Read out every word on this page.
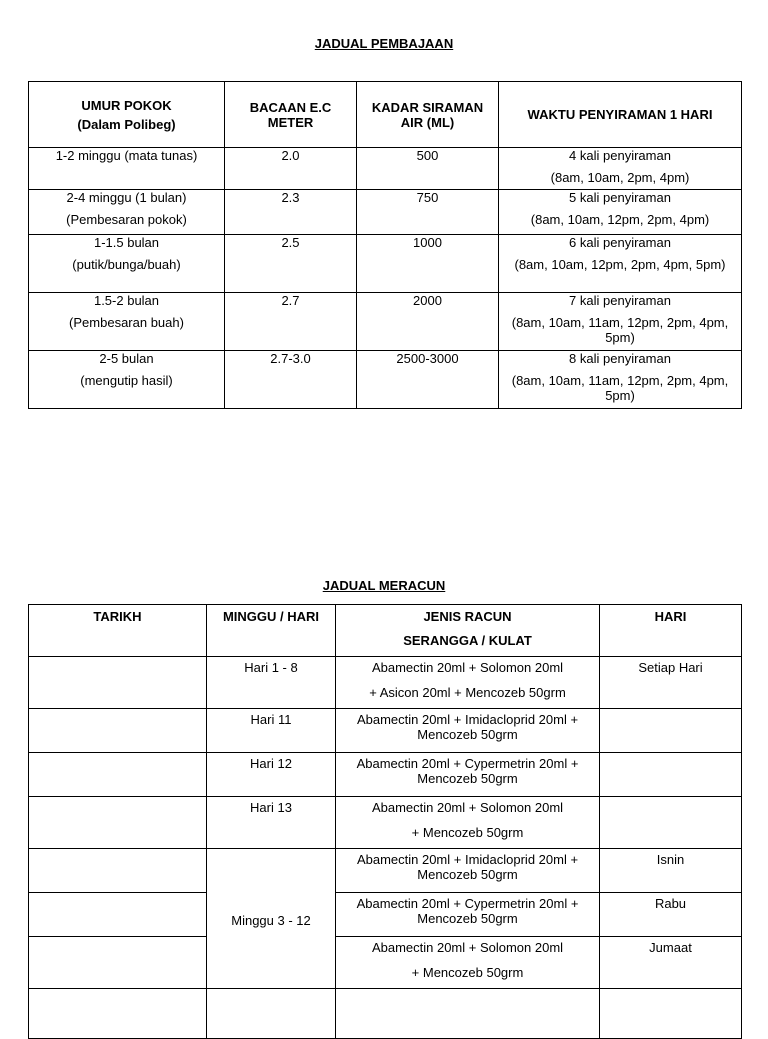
JADUAL PEMBAJAAN
UMUR POKOK
(Dalam Polibeg)	BACAAN E.C METER	KADAR SIRAMAN AIR (ML)	WAKTU PENYIRAMAN 1 HARI

1-2 minggu (mata tunas)	2.0	500	4 kali penyiraman
(8am, 10am, 2pm, 4pm)

2-4 minggu (1 bulan)
(Pembesaran pokok)	2.3	750	5 kali penyiraman
(8am, 10am, 12pm, 2pm, 4pm)

1-1.5 bulan
(putik/bunga/buah)	2.5	1000	6 kali penyiraman
(8am, 10am, 12pm, 2pm, 4pm, 5pm)

1.5-2 bulan
(Pembesaran buah)	2.7	2000	7 kali penyiraman
(8am, 10am, 11am, 12pm, 2pm, 4pm, 5pm)

2-5 bulan
(mengutip hasil)	2.7-3.0	2500-3000	8 kali penyiraman
(8am, 10am, 11am, 12pm, 2pm, 4pm, 5pm)
JADUAL MERACUN
TARIKH	MINGGU / HARI	JENIS RACUN
SERANGGA / KULAT	HARI
	Hari 1 - 8	Abamectin 20ml + Solomon 20ml
+ Asicon 20ml + Mencozeb 50grm	Setiap Hari
	Hari 11	Abamectin 20ml + Imidacloprid 20ml + Mencozeb 50grm	
	Hari 12	Abamectin 20ml + Cypermetrin 20ml + Mencozeb 50grm	
	Hari 13	Abamectin 20ml + Solomon 20ml
+ Mencozeb 50grm	

	Minggu 3 - 12	Abamectin 20ml + Imidacloprid 20ml + Mencozeb 50grm	Isnin
		Abamectin 20ml + Cypermetrin 20ml + Mencozeb 50grm	Rabu

		Abamectin 20ml + Solomon 20ml
+ Mencozeb 50grm	Jumaat
